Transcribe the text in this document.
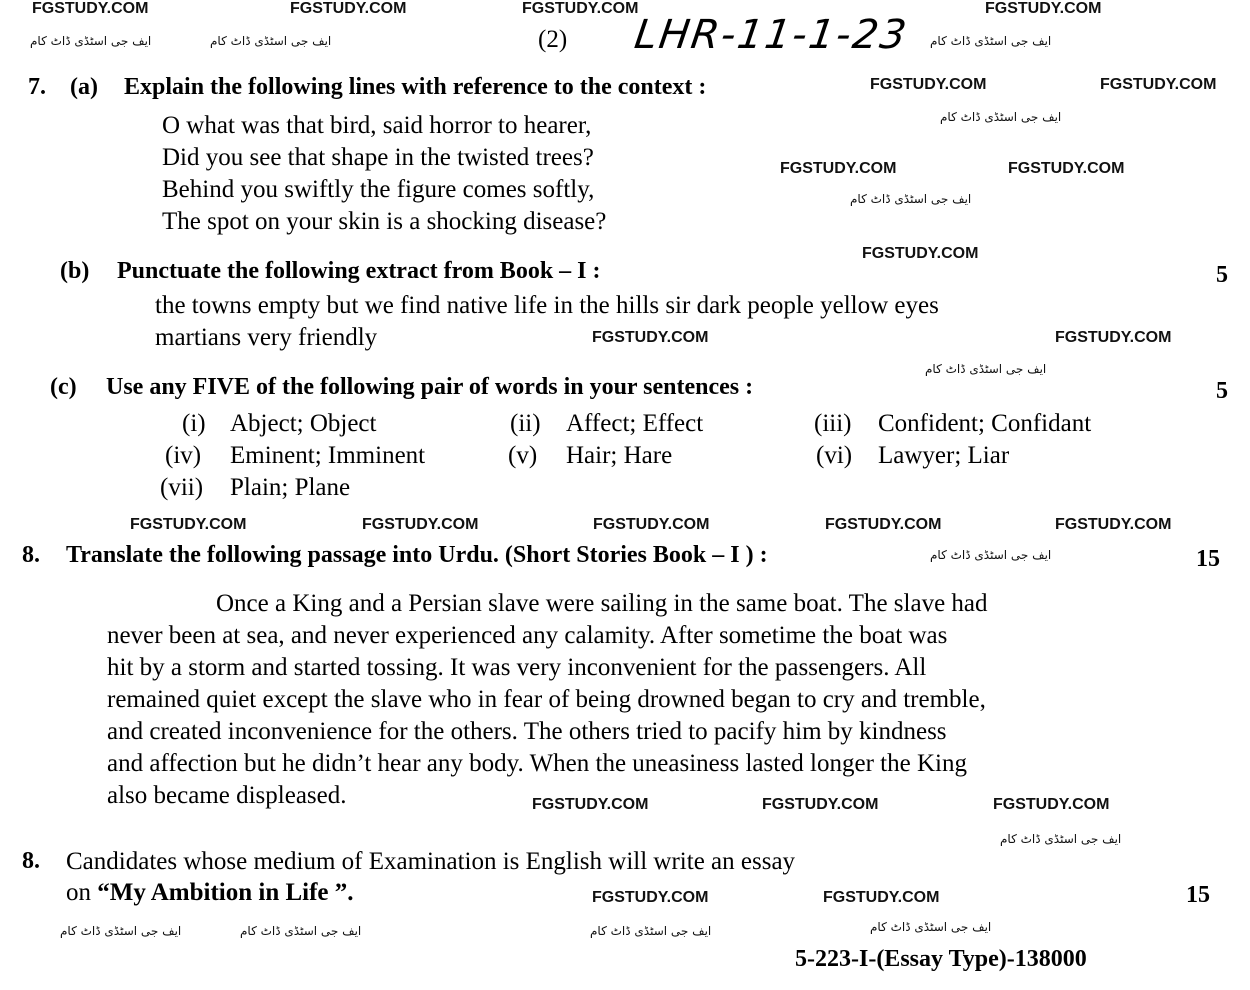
FGSTUDY.COM	FGSTUDY.COM	FGSTUDY.COM	FGSTUDY.COM
ایف جی اسٹڈی ڈاٹ کام	ایف جی اسٹڈی ڈاٹ کام	ایف جی اسٹڈی ڈاٹ کام
(2) LHR-11-1-23
7. (a) Explain the following lines with reference to the context :	FGSTUDY.COM	FGSTUDY.COM
O what was that bird, said horror to hearer,
Did you see that shape in the twisted trees?
Behind you swiftly the figure comes softly,
The spot on your skin is a shocking disease?
ایف جی اسٹڈی ڈاٹ کام
FGSTUDY.COM	FGSTUDY.COM
ایف جی اسٹڈی ڈاٹ کام
FGSTUDY.COM
(b) Punctuate the following extract from Book – I :	5
the towns empty but we find native life in the hills sir dark people yellow eyes
martians very friendly	FGSTUDY.COM	FGSTUDY.COM
ایف جی اسٹڈی ڈاٹ کام
(c) Use any FIVE of the following pair of words in your sentences :	5
(i) Abject; Object	(ii) Affect; Effect	(iii) Confident; Confidant
(iv) Eminent; Imminent	(v) Hair; Hare	(vi) Lawyer; Liar
(vii) Plain; Plane
FGSTUDY.COM	FGSTUDY.COM	FGSTUDY.COM	FGSTUDY.COM	FGSTUDY.COM
8. Translate the following passage into Urdu. (Short Stories Book – I ) :	ایف جی اسٹڈی ڈاٹ کام	15
Once a King and a Persian slave were sailing in the same boat. The slave had
never been at sea, and never experienced any calamity. After sometime the boat was
hit by a storm and started tossing. It was very inconvenient for the passengers. All
remained quiet except the slave who in fear of being drowned began to cry and tremble,
and created inconvenience for the others. The others tried to pacify him by kindness
and affection but he didn’t hear any body. When the uneasiness lasted longer the King
also became displeased.	FGSTUDY.COM	FGSTUDY.COM	FGSTUDY.COM
ایف جی اسٹڈی ڈاٹ کام
8. Candidates whose medium of Examination is English will write an essay
on “My Ambition in Life ”.	FGSTUDY.COM	FGSTUDY.COM	15
ایف جی اسٹڈی ڈاٹ کام	ایف جی اسٹڈی ڈاٹ کام	ایف جی اسٹڈی ڈاٹ کام	ایف جی اسٹڈی ڈاٹ کام
5-223-I-(Essay Type)-138000
